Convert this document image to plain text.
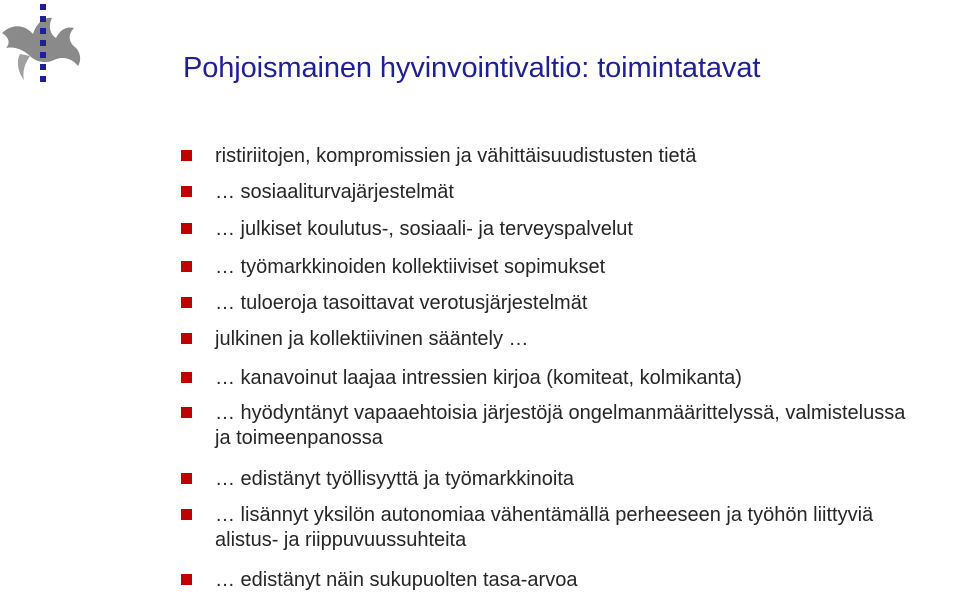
Pohjoismainen hyvinvointivaltio: toimintatavat
ristiriitojen, kompromissien ja vähittäisuudistusten tietä
… sosiaaliturvajärjestelmät
… julkiset koulutus-, sosiaali- ja terveyspalvelut
… työmarkkinoiden kollektiiviset sopimukset
… tuloeroja tasoittavat verotusjärjestelmät
julkinen ja kollektiivinen sääntely …
… kanavoinut laajaa intressien kirjoa (komiteat, kolmikanta)
… hyödyntänyt vapaaehtoisia järjestöjä ongelmanmäärittelyssä, valmistelussa ja toimeenpanossa
… edistänyt työllisyyttä ja työmarkkinoita
… lisännyt yksilön autonomiaa vähentämällä perheeseen ja työhön liittyviä alistus- ja riippuvuussuhteita
… edistänyt näin sukupuolten tasa-arvoa
